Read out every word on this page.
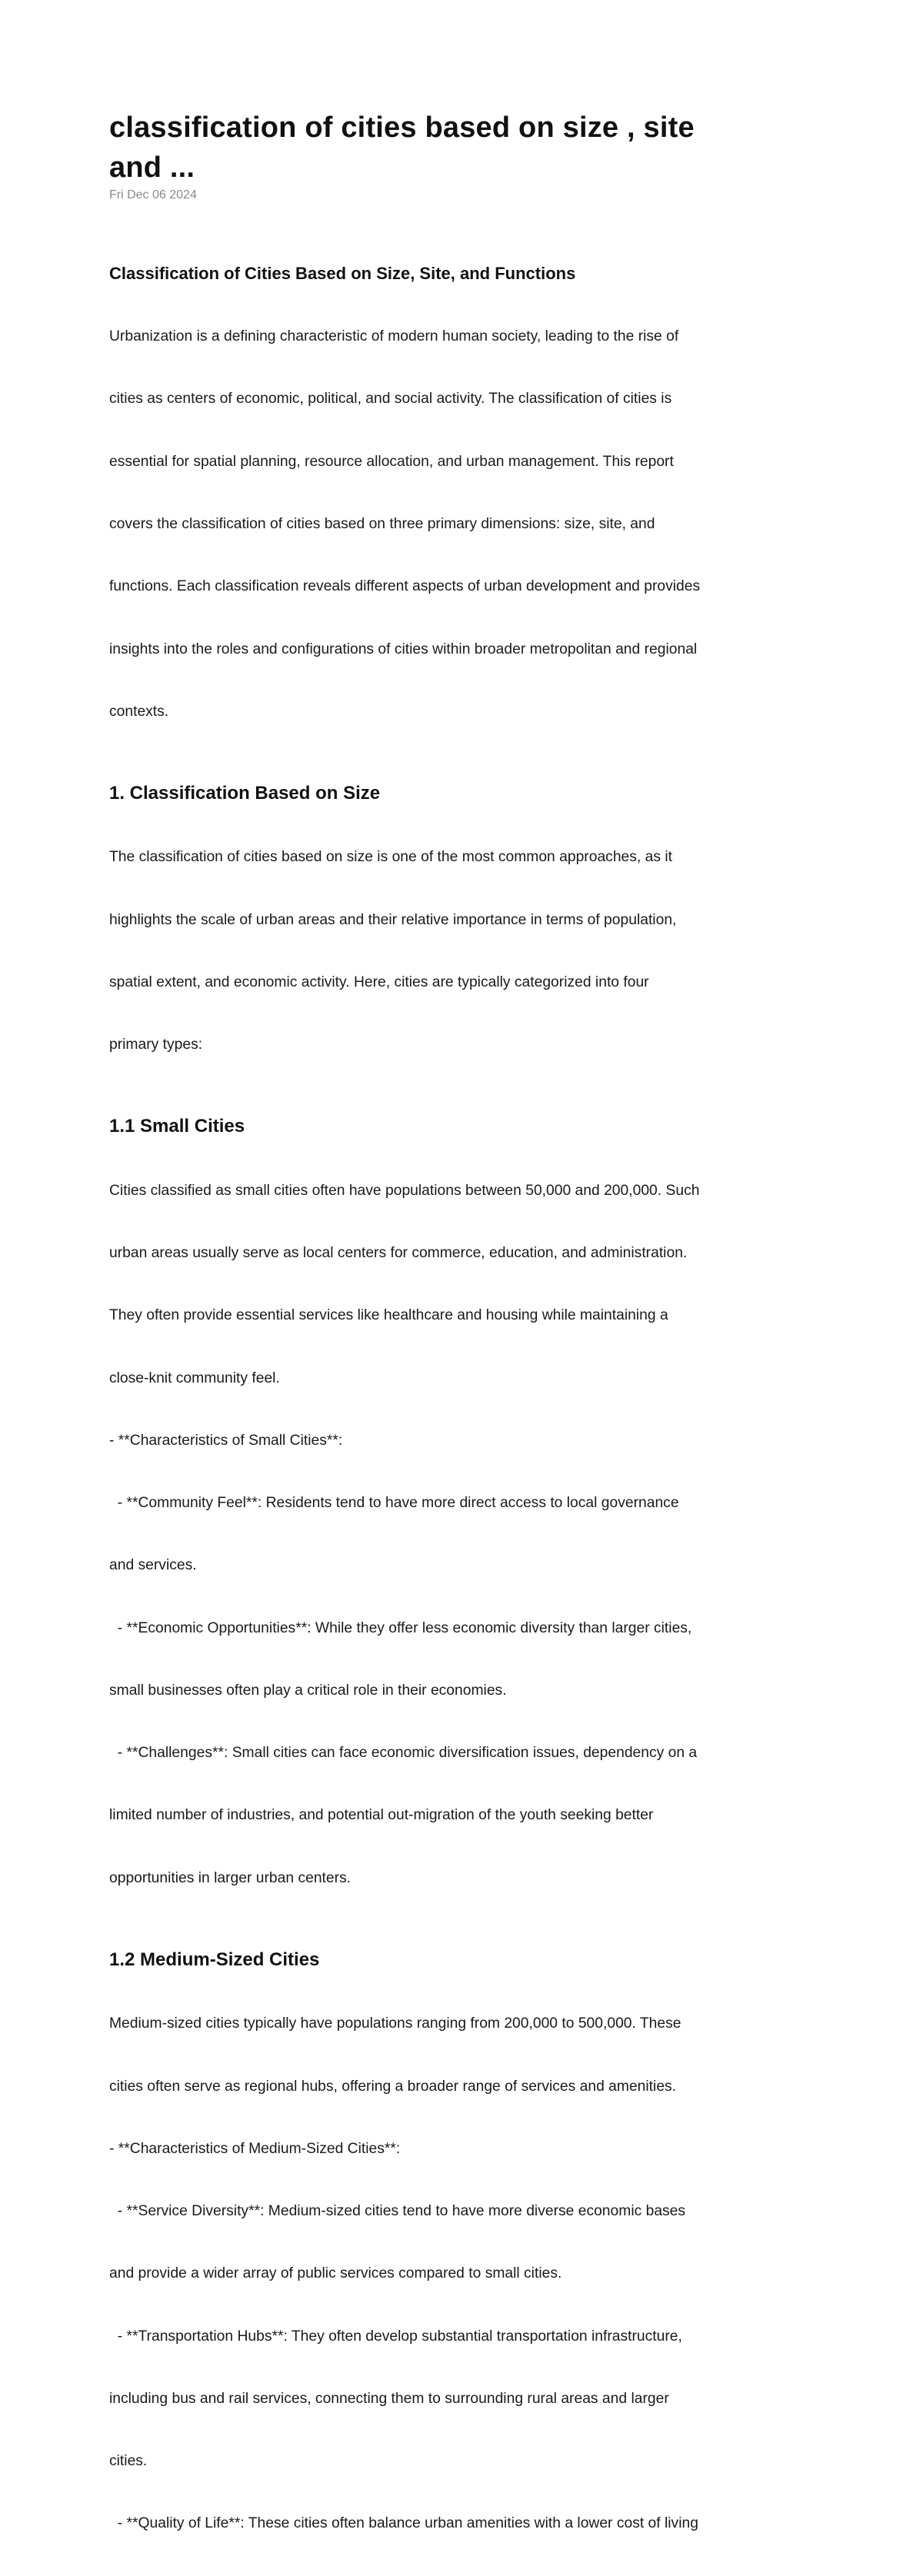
classification of cities based on size , site
and ...
Fri Dec 06 2024
Classification of Cities Based on Size, Site, and Functions

Urbanization is a defining characteristic of modern human society, leading to the rise of

cities as centers of economic, political, and social activity. The classification of cities is

essential for spatial planning, resource allocation, and urban management. This report

covers the classification of cities based on three primary dimensions: size, site, and

functions. Each classification reveals different aspects of urban development and provides

insights into the roles and configurations of cities within broader metropolitan and regional

contexts.

1. Classification Based on Size

The classification of cities based on size is one of the most common approaches, as it

highlights the scale of urban areas and their relative importance in terms of population,

spatial extent, and economic activity. Here, cities are typically categorized into four

primary types:

1.1 Small Cities

Cities classified as small cities often have populations between 50,000 and 200,000. Such

urban areas usually serve as local centers for commerce, education, and administration.

They often provide essential services like healthcare and housing while maintaining a

close-knit community feel.

- **Characteristics of Small Cities**:

- **Community Feel**: Residents tend to have more direct access to local governance

and services.

- **Economic Opportunities**: While they offer less economic diversity than larger cities,

small businesses often play a critical role in their economies.

- **Challenges**: Small cities can face economic diversification issues, dependency on a

limited number of industries, and potential out-migration of the youth seeking better

opportunities in larger urban centers.

1.2 Medium-Sized Cities

Medium-sized cities typically have populations ranging from 200,000 to 500,000. These

cities often serve as regional hubs, offering a broader range of services and amenities.

- **Characteristics of Medium-Sized Cities**:

- **Service Diversity**: Medium-sized cities tend to have more diverse economic bases

and provide a wider array of public services compared to small cities.

- **Transportation Hubs**: They often develop substantial transportation infrastructure,

including bus and rail services, connecting them to surrounding rural areas and larger

cities.

- **Quality of Life**: These cities often balance urban amenities with a lower cost of living
